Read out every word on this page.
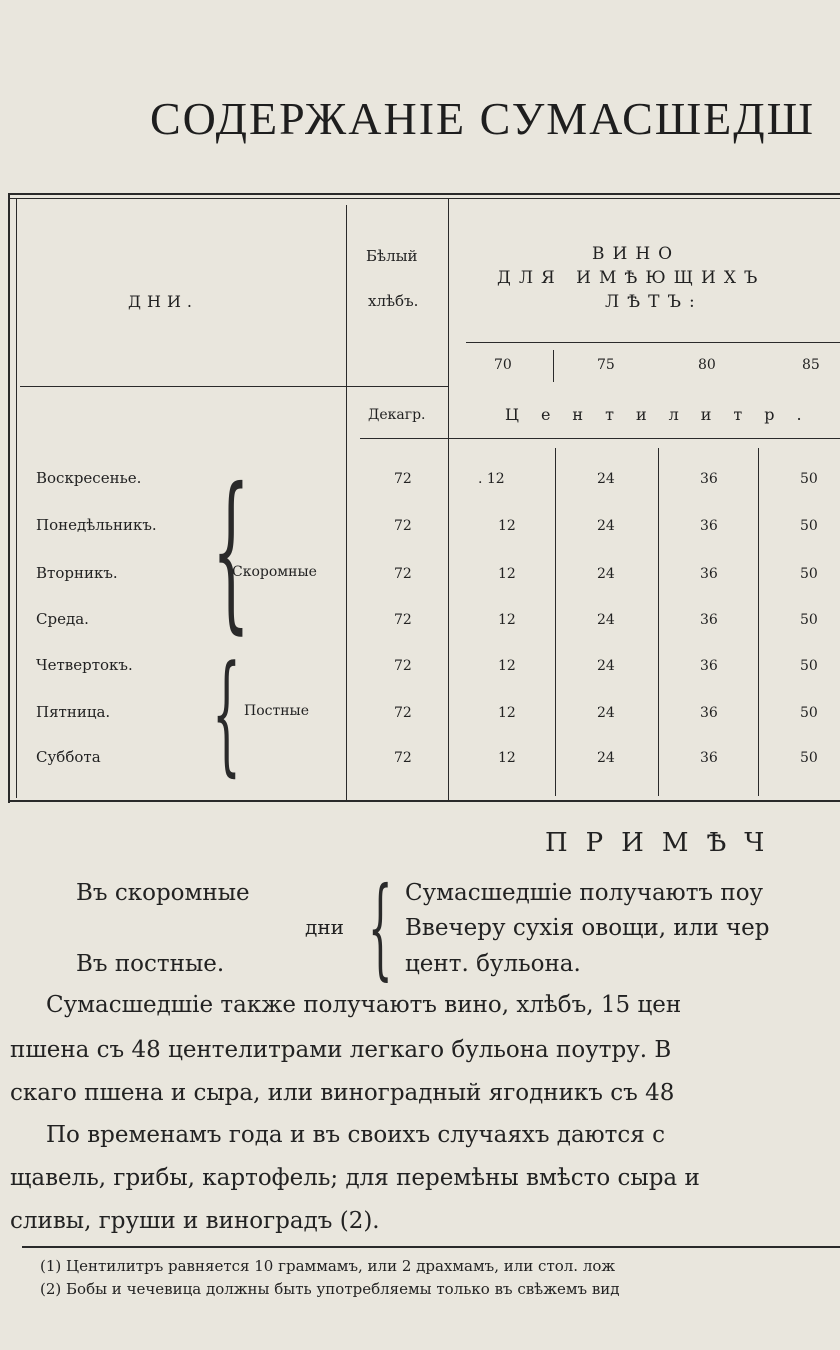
СОДЕРЖАНІЕ СУМАСШЕДШ
ДНИ.
Бѣлый
хлѣбъ.
ВИНО
ДЛЯ ИМѢЮЩИХЪ
ЛѢТЪ:
70	75	80	85
Декагр.	Центилитр.
Воскресенье.	72	. 12	24	36	50
Понедѣльникъ.	72	12	24	36	50
Вторникъ.	72	12	24	36	50
Среда.	72	12	24	36	50
Четвертокъ.	72	12	24	36	50
Пятница.	72	12	24	36	50
Суббота	72	12	24	36	50
{
Скоромные
{ Постные
ПРИМѢЧ
Въ скоромные
дни
Въ постные. { Сумасшедшіе получаютъ поу
Ввечеру сухія овощи, или чер
цент. бульона.
Сумасшедшіе также получаютъ вино, хлѣбъ, 15 цен
пшена съ 48 центелитрами легкаго бульона поутру. В
скаго пшена и сыра, или виноградный ягодникъ съ 48
По временамъ года и въ своихъ случаяхъ даются с
щавель, грибы, картофель; для перемѣны вмѣсто сыра и
сливы, груши и виноградъ (2).
(1) Центилитръ равняется 10 граммамъ, или 2 драхмамъ, или стол. лож
(2) Бобы и чечевица должны быть употребляемы только въ свѣжемъ вид
